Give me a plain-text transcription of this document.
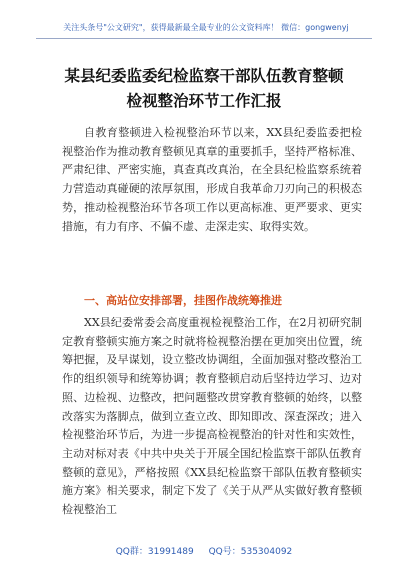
关注头条号"公文研究"，获得最新最全最专业的公文资料库！ 微信：gongwenyj
某县纪委监委纪检监察干部队伍教育整顿
检视整治环节工作汇报
自教育整顿进入检视整治环节以来，XX县纪委监委把检视整治作为推动教育整顿见真章的重要抓手，坚持严格标准、严肃纪律、严密实施，真查真改真治，在全县纪检监察系统着力营造动真碰硬的浓厚氛围，形成自我革命刀刃向己的积极态势，推动检视整治环节各项工作以更高标准、更严要求、更实措施，有力有序、不偏不虚、走深走实、取得实效。
一、高站位安排部署，挂图作战统筹推进
XX县纪委常委会高度重视检视整治工作，在2月初研究制定教育整顿实施方案之时就将检视整治摆在更加突出位置，统筹把握，及早谋划，设立整改协调组，全面加强对整改整治工作的组织领导和统筹协调；教育整顿启动后坚持边学习、边对照、边检视、边整改，把问题整改贯穿教育整顿的始终，以整改落实为落脚点，做到立查立改、即知即改、深查深改；进入检视整治环节后，为进一步提高检视整治的针对性和实效性，主动对标对表《中共中央关于开展全国纪检监察干部队伍教育整顿的意见》，严格按照《XX县纪检监察干部队伍教育整顿实施方案》相关要求，制定下发了《关于从严从实做好教育整顿检视整治工
QQ群：31991489 QQ号：535304092
